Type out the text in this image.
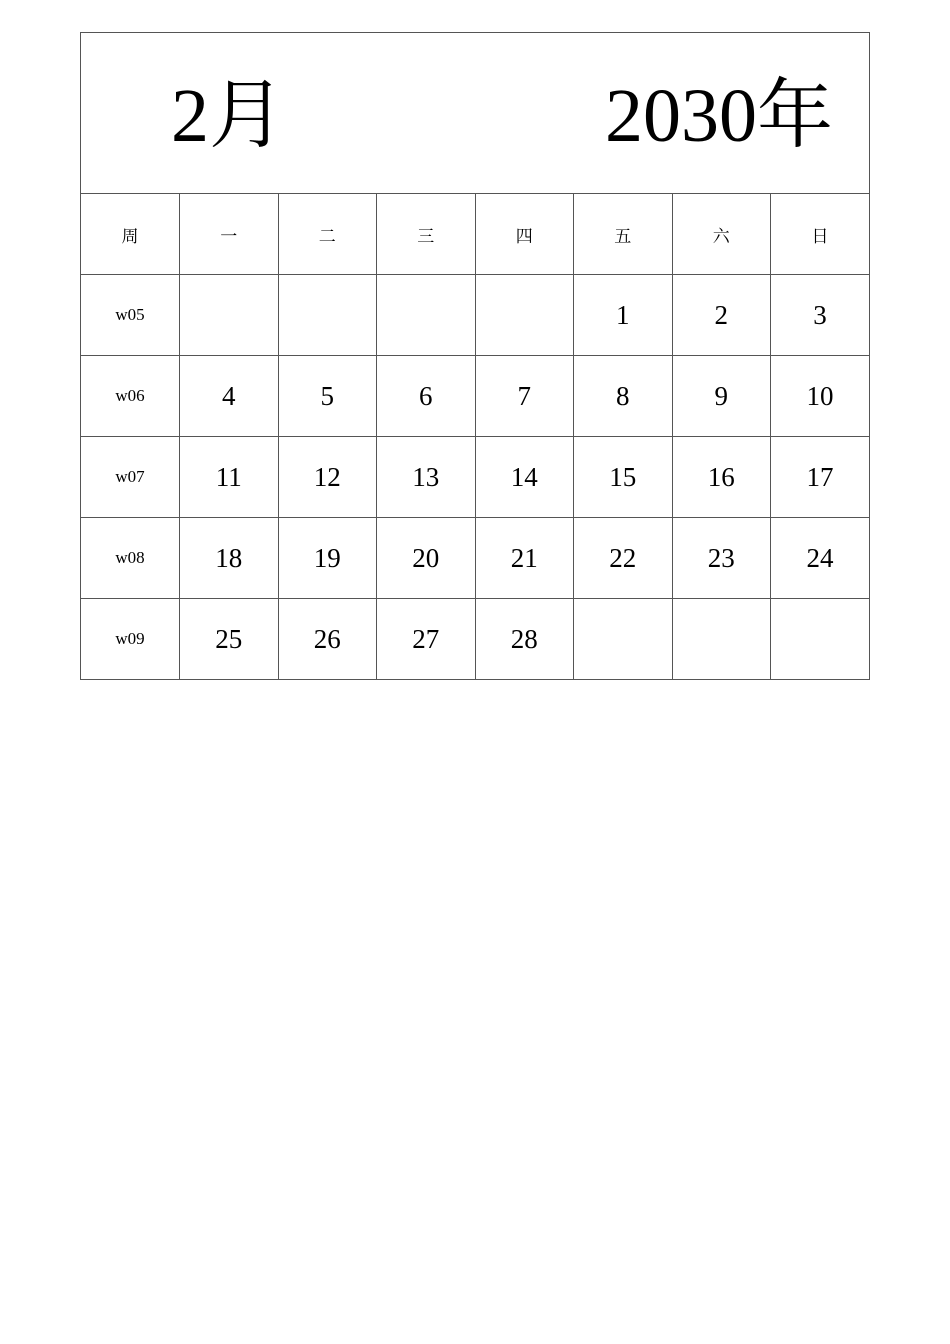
2月	2030年
周	一	二	三	四	五	六	日
w05					1	2	3
w06	4	5	6	7	8	9	10
w07	11	12	13	14	15	16	17
w08	18	19	20	21	22	23	24
w09	25	26	27	28			
